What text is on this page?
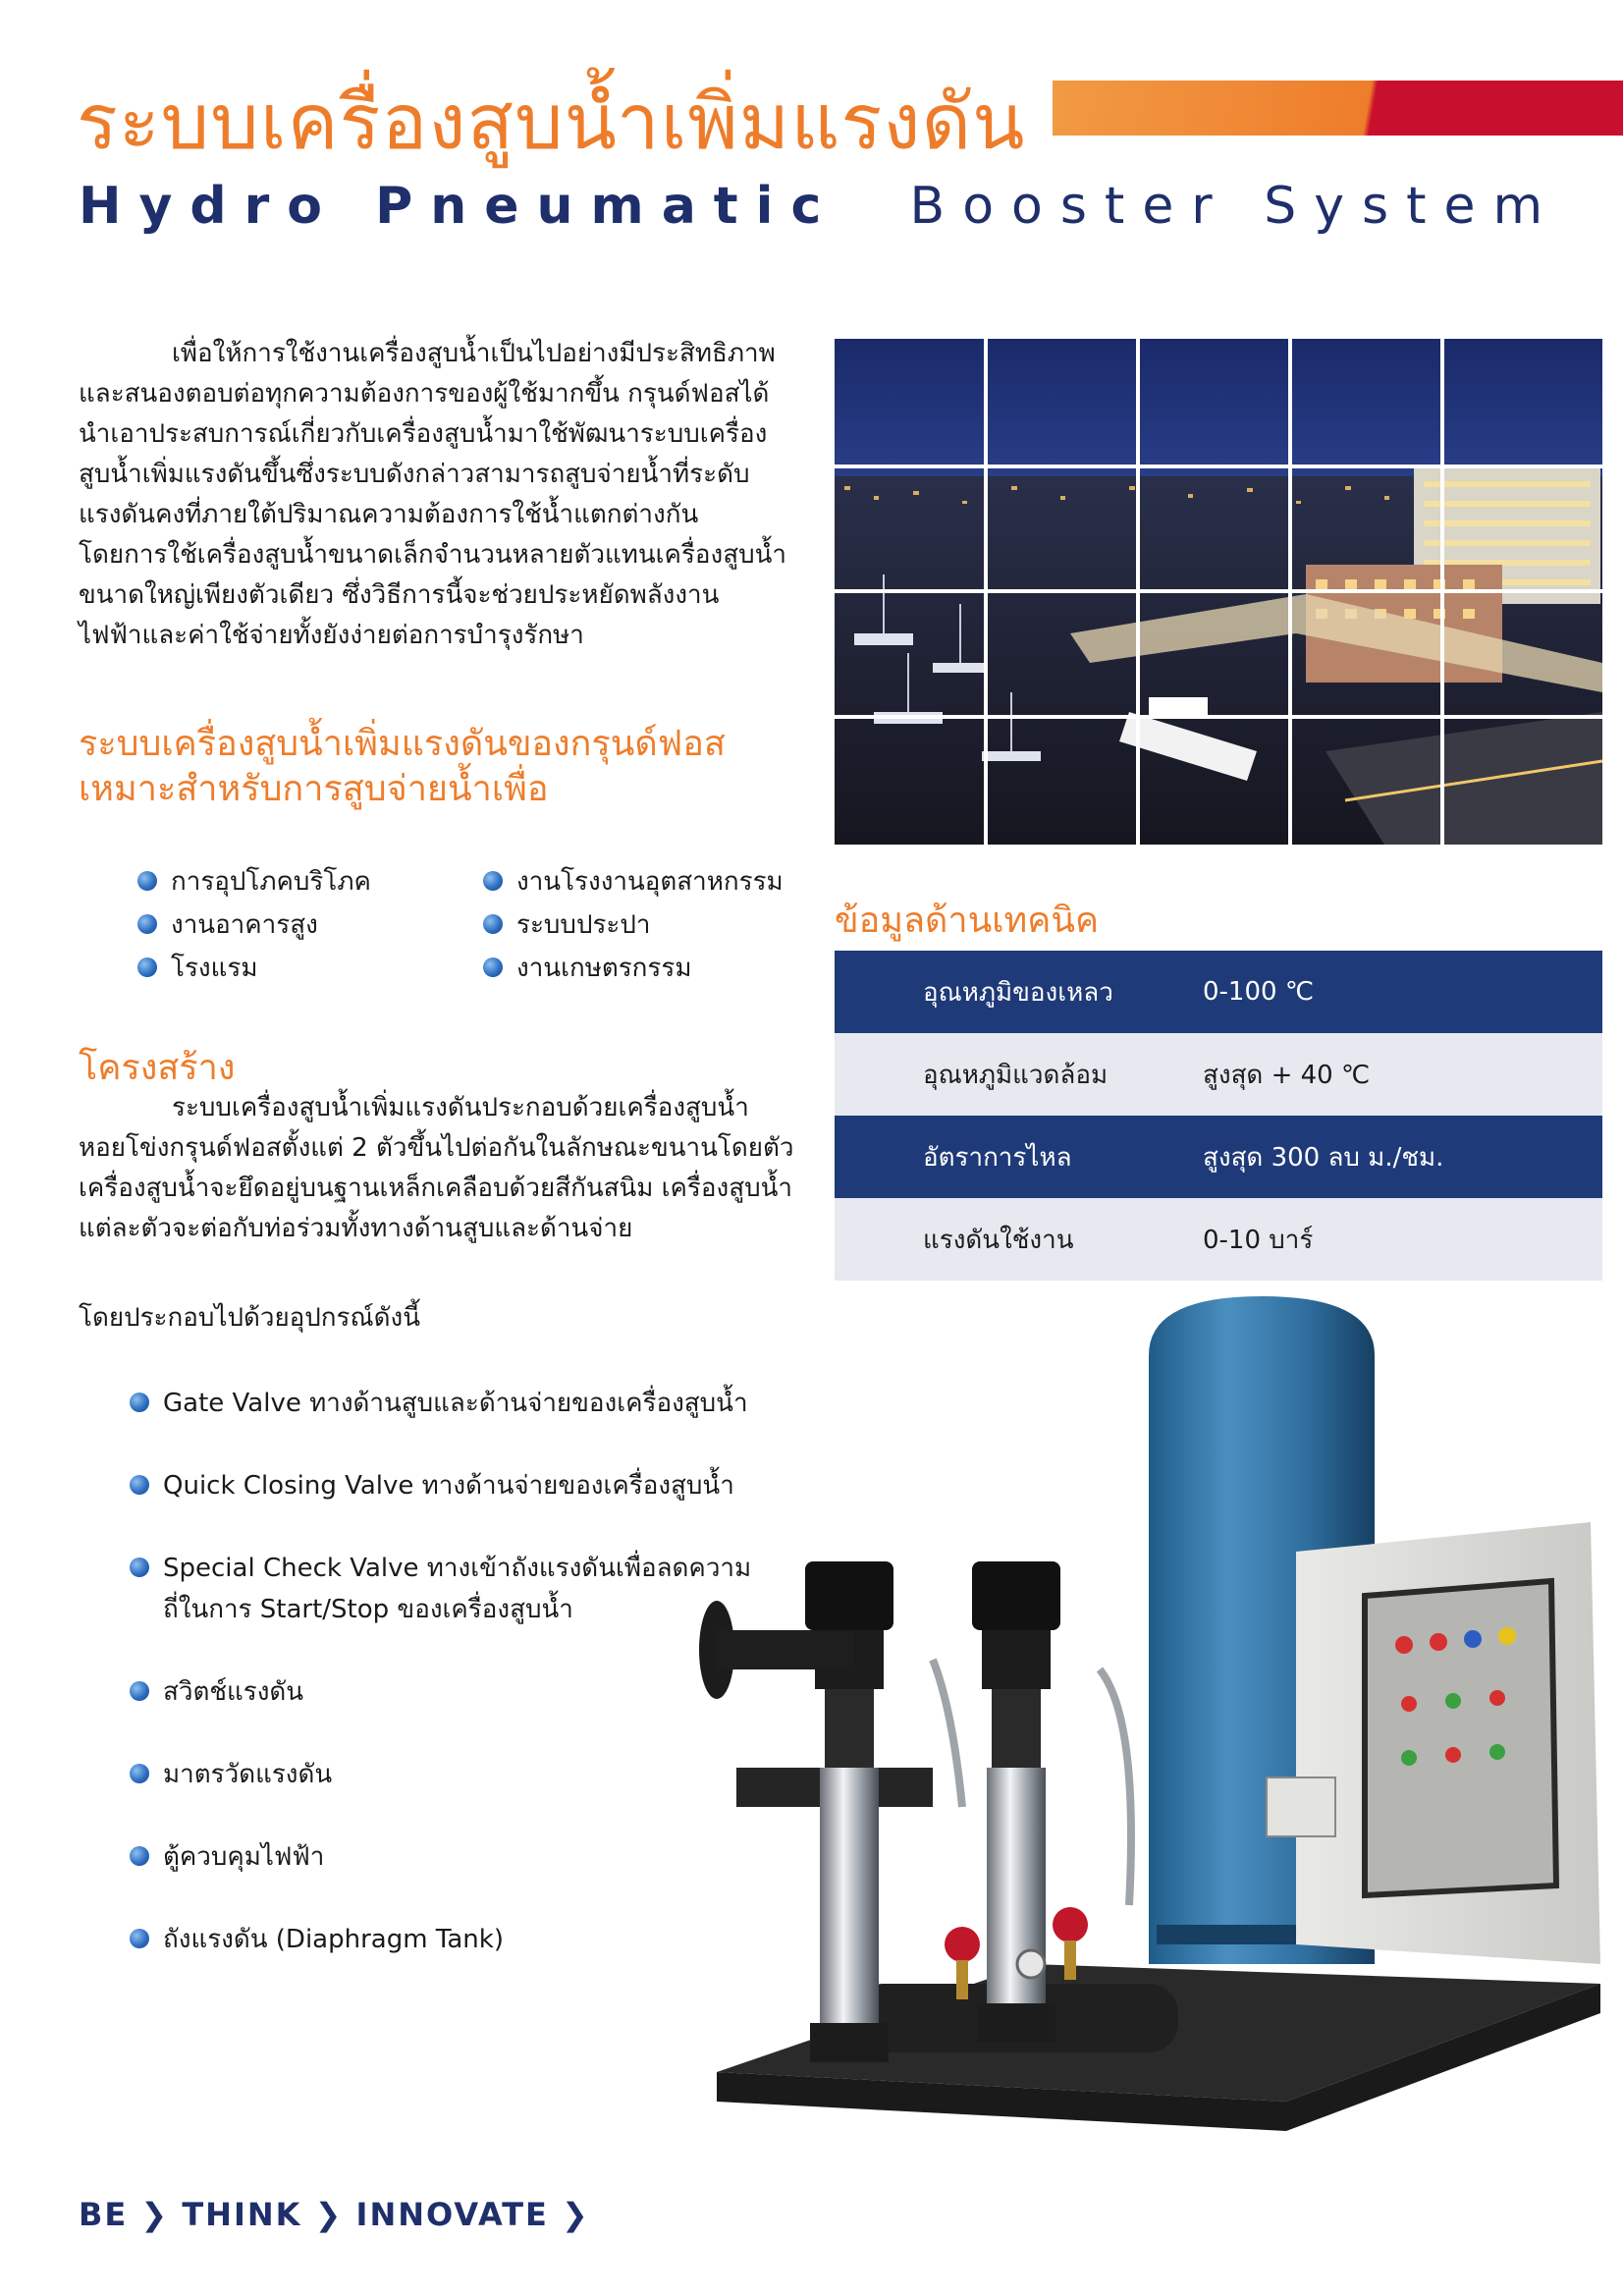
ระบบเครื่องสูบน้ำเพิ่มแรงดัน
Hydro Pneumatic Booster System

เพื่อให้การใช้งานเครื่องสูบน้ำเป็นไปอย่างมีประสิทธิภาพ

และสนองตอบต่อทุกความต้องการของผู้ใช้มากขึ้น กรุนด์ฟอสได้

นำเอาประสบการณ์เกี่ยวกับเครื่องสูบน้ำมาใช้พัฒนาระบบเครื่อง

สูบน้ำเพิ่มแรงดันขึ้นซึ่งระบบดังกล่าวสามารถสูบจ่ายน้ำที่ระดับ

แรงดันคงที่ภายใต้ปริมาณความต้องการใช้น้ำแตกต่างกัน

โดยการใช้เครื่องสูบน้ำขนาดเล็กจำนวนหลายตัวแทนเครื่องสูบน้ำ

ขนาดใหญ่เพียงตัวเดียว ซึ่งวิธีการนี้จะช่วยประหยัดพลังงาน

ไฟฟ้าและค่าใช้จ่ายทั้งยังง่ายต่อการบำรุงรักษา

ระบบเครื่องสูบน้ำเพิ่มแรงดันของกรุนด์ฟอส
เหมาะสำหรับการสูบจ่ายน้ำเพื่อ
การอุปโภคบริโภค
งานอาคารสูง
โรงแรม
งานโรงงานอุตสาหกรรม
ระบบประปา
งานเกษตรกรรม
ข้อมูลด้านเทคนิค
อุณหภูมิของเหลว	0-100 ℃
อุณหภูมิแวดล้อม	สูงสุด + 40 ℃
อัตราการไหล	สูงสุด 300 ลบ ม./ชม.
แรงดันใช้งาน	0-10 บาร์
โครงสร้าง

ระบบเครื่องสูบน้ำเพิ่มแรงดันประกอบด้วยเครื่องสูบน้ำ

หอยโข่งกรุนด์ฟอสตั้งแต่ 2 ตัวขึ้นไปต่อกันในลักษณะขนานโดยตัว

เครื่องสูบน้ำจะยึดอยู่บนฐานเหล็กเคลือบด้วยสีกันสนิม เครื่องสูบน้ำ

แต่ละตัวจะต่อกับท่อร่วมทั้งทางด้านสูบและด้านจ่าย

โดยประกอบไปด้วยอุปกรณ์ดังนี้
Gate Valve ทางด้านสูบและด้านจ่ายของเครื่องสูบน้ำ
Quick Closing Valve ทางด้านจ่ายของเครื่องสูบน้ำ
Special Check Valve ทางเข้าถังแรงดันเพื่อลดความ
ถี่ในการ Start/Stop ของเครื่องสูบน้ำ
สวิตช์แรงดัน
มาตรวัดแรงดัน
ตู้ควบคุมไฟฟ้า
ถังแรงดัน (Diaphragm Tank)
BE ❯ THINK ❯ INNOVATE ❯
